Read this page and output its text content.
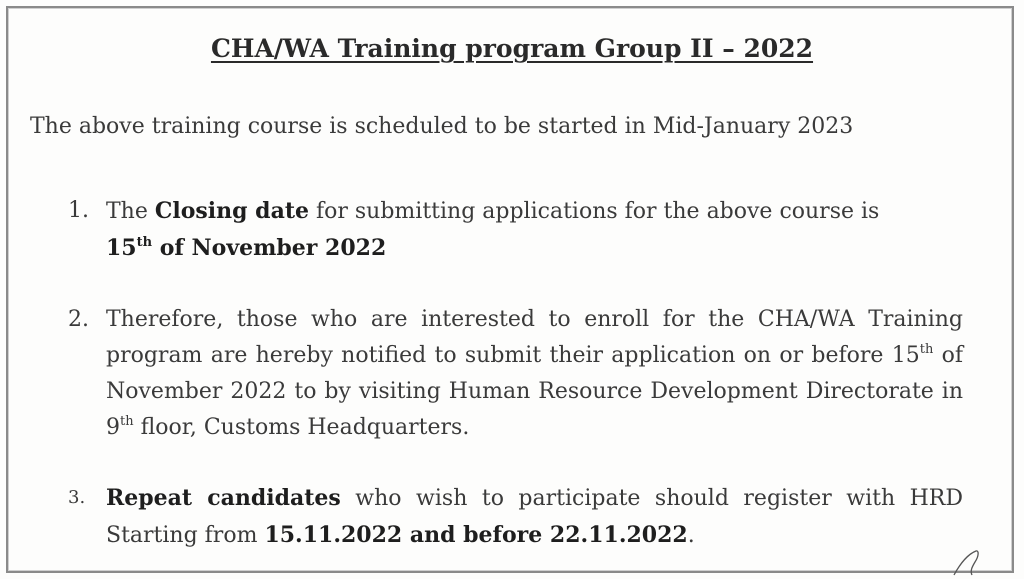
CHA/WA Training program Group II – 2022
The above training course is scheduled to be started in Mid-January 2023
1. The Closing date for submitting applications for the above course is
15th of November 2022
2. Therefore, those who are interested to enroll for the CHA/WA Training program are hereby notified to submit their application on or before 15th of November 2022 to by visiting Human Resource Development Directorate in 9th floor, Customs Headquarters.
3. Repeat candidates who wish to participate should register with HRD Starting from 15.11.2022 and before 22.11.2022.
